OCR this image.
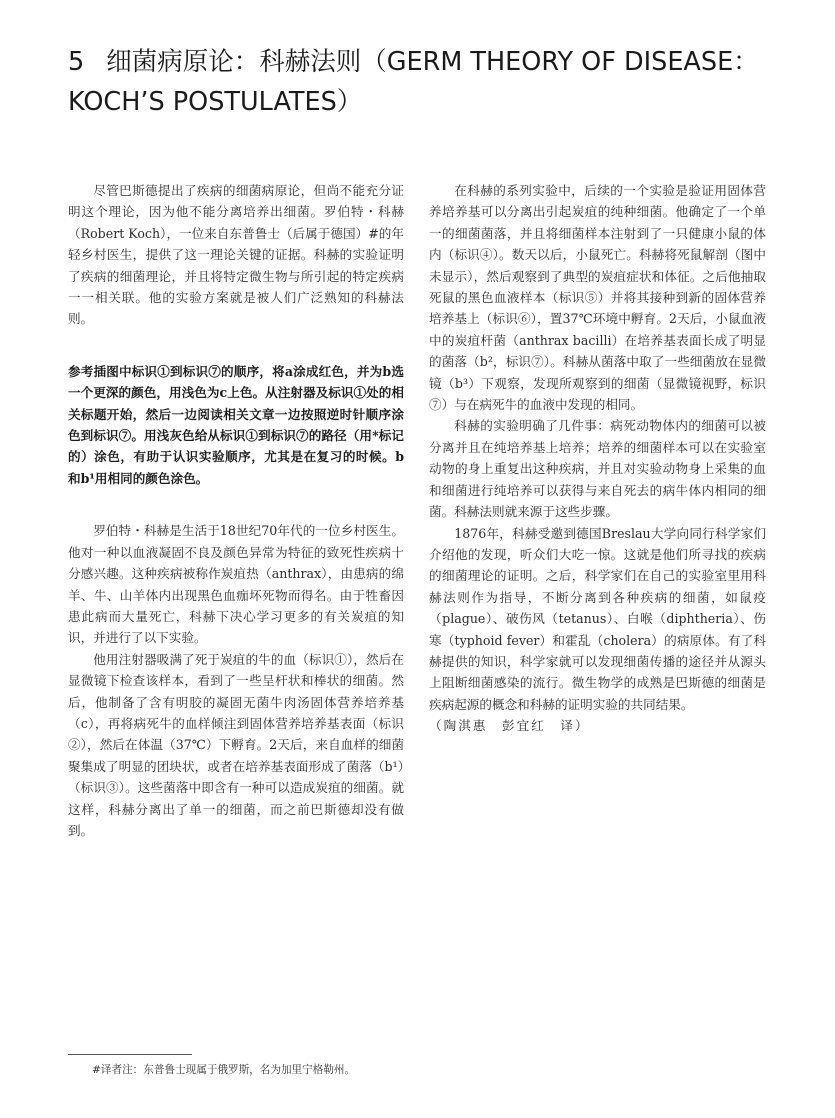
5 细菌病原论：科赫法则（GERM THEORY OF DISEASE：
KOCH’S POSTULATES）

尽管巴斯德提出了疾病的细菌病原论，但尚不能充分证明这个理论，因为他不能分离培养出细菌。罗伯特・科赫（Robert Koch），一位来自东普鲁士（后属于德国）#的年轻乡村医生，提供了这一理论关键的证据。科赫的实验证明了疾病的细菌理论，并且将特定微生物与所引起的特定疾病一一相关联。他的实验方案就是被人们广泛熟知的科赫法则。

参考插图中标识①到标识⑦的顺序，将a涂成红色，并为b选一个更深的颜色，用浅色为c上色。从注射器及标识①处的相关标题开始，然后一边阅读相关文章一边按照逆时针顺序涂色到标识⑦。用浅灰色给从标识①到标识⑦的路径（用*标记的）涂色，有助于认识实验顺序，尤其是在复习的时候。b和b¹用相同的颜色涂色。

罗伯特・科赫是生活于18世纪70年代的一位乡村医生。他对一种以血液凝固不良及颜色异常为特征的致死性疾病十分感兴趣。这种疾病被称作炭疽热（anthrax），由患病的绵羊、牛、山羊体内出现黑色血痂坏死物而得名。由于牲畜因患此病而大量死亡，科赫下决心学习更多的有关炭疽的知识，并进行了以下实验。

他用注射器吸满了死于炭疽的牛的血（标识①），然后在显微镜下检查该样本，看到了一些呈杆状和棒状的细菌。然后，他制备了含有明胶的凝固无菌牛肉汤固体营养培养基（c），再将病死牛的血样倾注到固体营养培养基表面（标识②），然后在体温（37℃）下孵育。2天后，来自血样的细菌聚集成了明显的团块状，或者在培养基表面形成了菌落（b¹）（标识③）。这些菌落中即含有一种可以造成炭疽的细菌。就这样，科赫分离出了单一的细菌，而之前巴斯德却没有做到。

在科赫的系列实验中，后续的一个实验是验证用固体营养培养基可以分离出引起炭疽的纯种细菌。他确定了一个单一的细菌菌落，并且将细菌样本注射到了一只健康小鼠的体内（标识④）。数天以后，小鼠死亡。科赫将死鼠解剖（图中未显示），然后观察到了典型的炭疽症状和体征。之后他抽取死鼠的黑色血液样本（标识⑤）并将其接种到新的固体营养培养基上（标识⑥），置37℃环境中孵育。2天后，小鼠血液中的炭疽杆菌（anthrax bacilli）在培养基表面长成了明显的菌落（b²，标识⑦）。科赫从菌落中取了一些细菌放在显微镜（b³）下观察，发现所观察到的细菌（显微镜视野，标识⑦）与在病死牛的血液中发现的相同。

科赫的实验明确了几件事：病死动物体内的细菌可以被分离并且在纯培养基上培养；培养的细菌样本可以在实验室动物的身上重复出这种疾病，并且对实验动物身上采集的血和细菌进行纯培养可以获得与来自死去的病牛体内相同的细菌。科赫法则就来源于这些步骤。

1876年，科赫受邀到德国Breslau大学向同行科学家们介绍他的发现，听众们大吃一惊。这就是他们所寻找的疾病的细菌理论的证明。之后，科学家们在自己的实验室里用科赫法则作为指导，不断分离到各种疾病的细菌，如鼠疫（plague）、破伤风（tetanus）、白喉（diphtheria）、伤寒（typhoid fever）和霍乱（cholera）的病原体。有了科赫提供的知识，科学家就可以发现细菌传播的途径并从源头上阻断细菌感染的流行。微生物学的成熟是巴斯德的细菌是疾病起源的概念和科赫的证明实验的共同结果。

（陶淇惠　彭宜红　译）

#译者注：东普鲁士现属于俄罗斯，名为加里宁格勒州。
